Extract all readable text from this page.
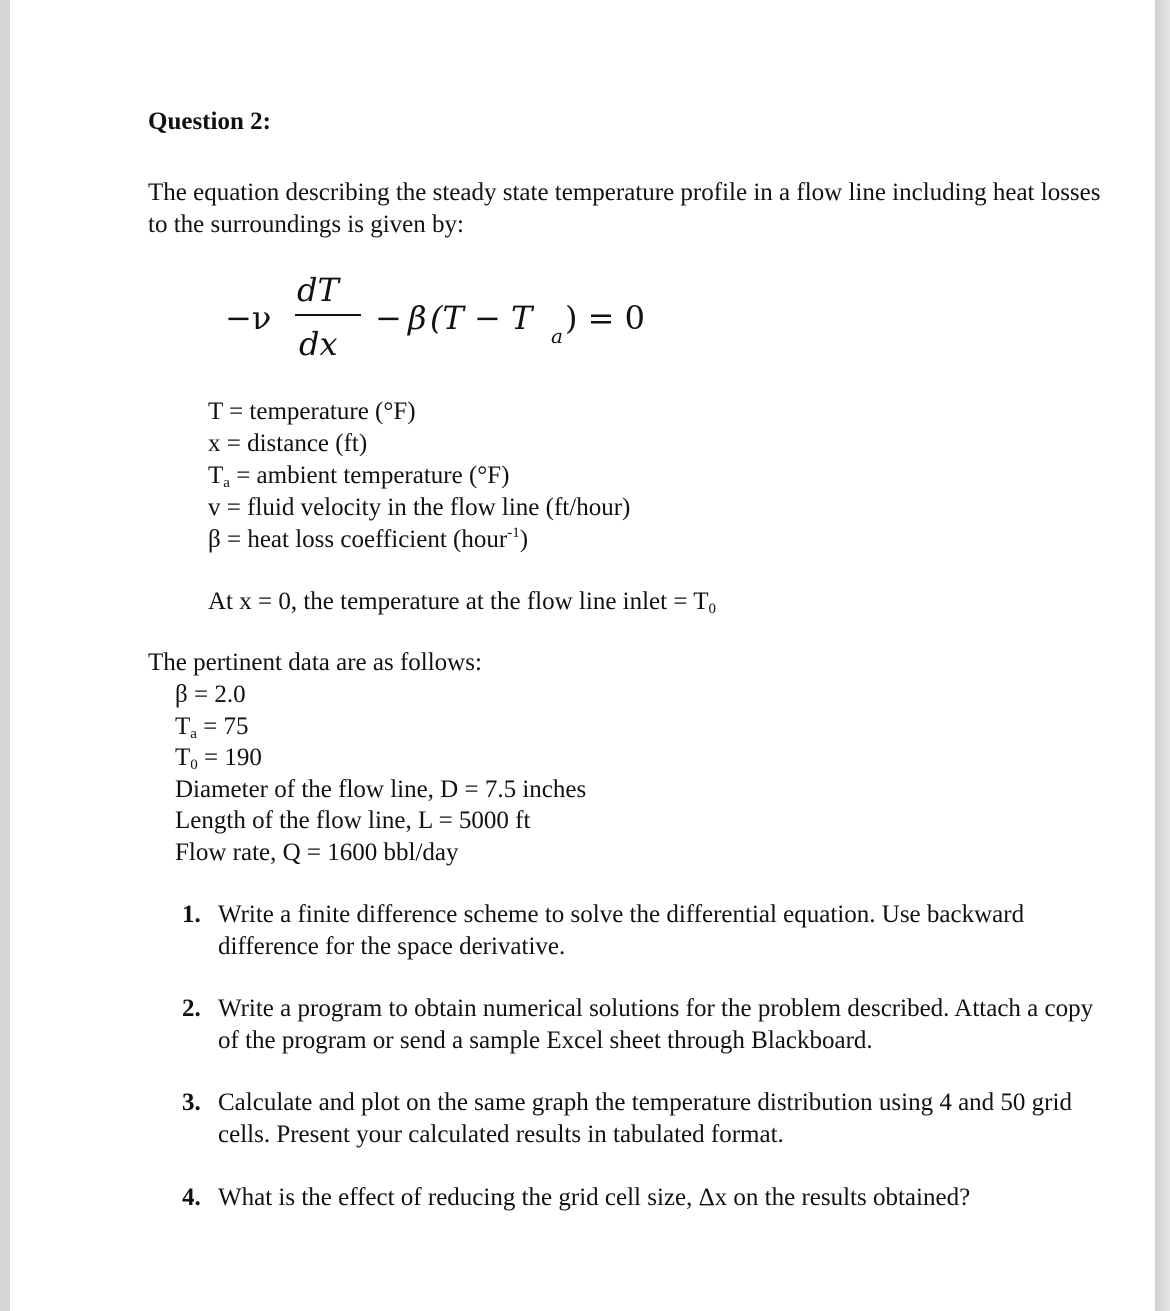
Question 2:
The equation describing the steady state temperature profile in a flow line including heat losses to the surroundings is given by:
−ν
dT
dx
− β (T − T a ) = 0
T = temperature (°F)
x = distance (ft)
$T_a$ = ambient temperature (°F)
v = fluid velocity in the flow line (ft/hour)
β = heat loss coefficient (hour$^{-1}$)
At x = 0, the temperature at the flow line inlet = $T_0$
The pertinent data are as follows:
β = 2.0
$T_a = 75$
$T_0 = 190$
Diameter of the flow line, D = 7.5 inches
Length of the flow line, L = 5000 ft
Flow rate, Q = 1600 bbl/day
1. Write a finite difference scheme to solve the differential equation. Use backward difference for the space derivative.
2. Write a program to obtain numerical solutions for the problem described. Attach a copy of the program or send a sample Excel sheet through Blackboard.
3. Calculate and plot on the same graph the temperature distribution using 4 and 50 grid cells. Present your calculated results in tabulated format.
4. What is the effect of reducing the grid cell size, Δx on the results obtained?
